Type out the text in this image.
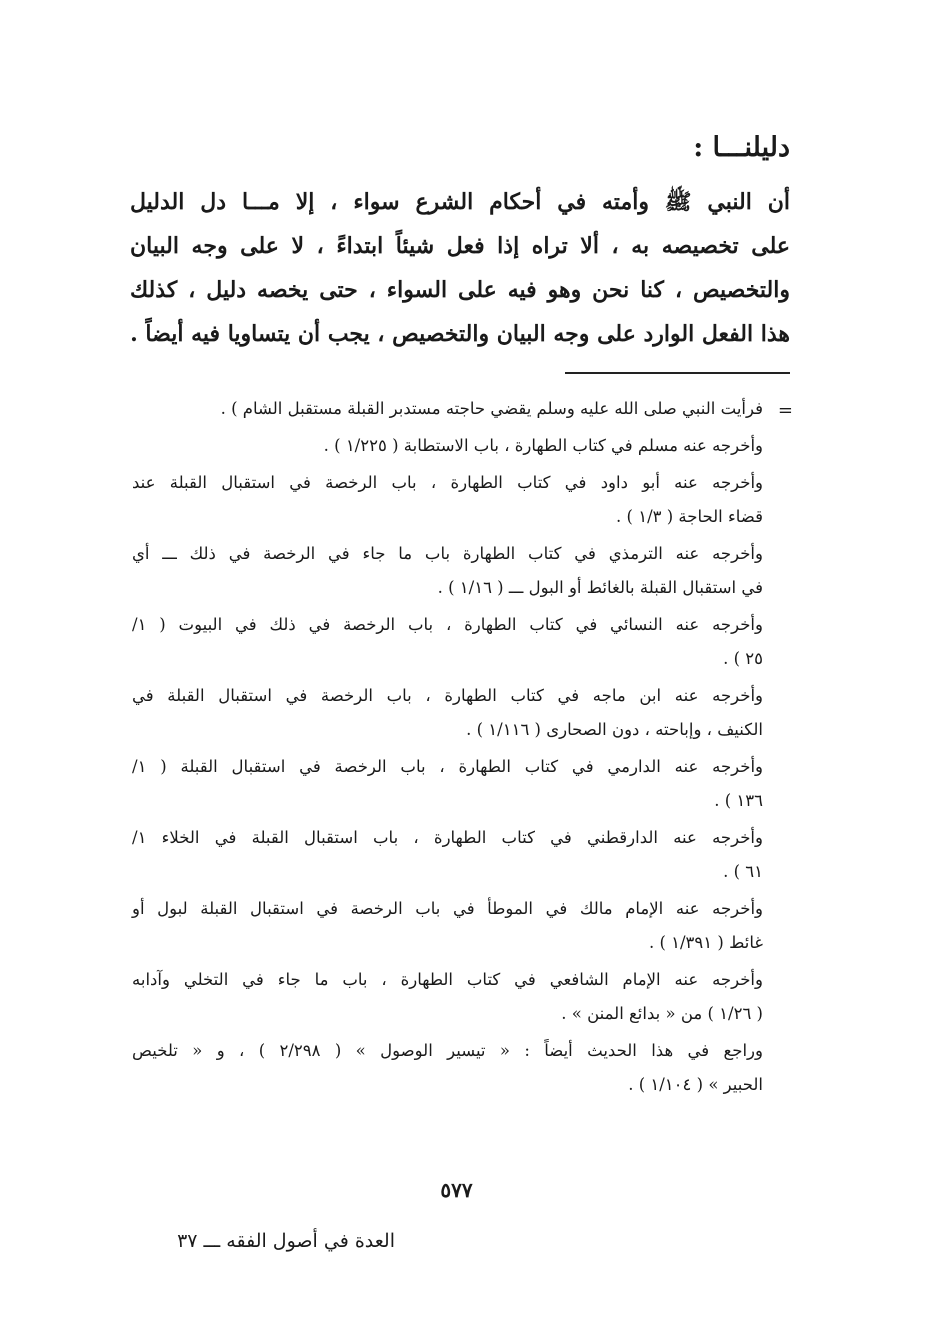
دليلنـــا :
أن النبي ﷺ وأمته في أحكام الشرع سواء ، إلا مـــا دل الدليل
على تخصيصه به ، ألا تراه إذا فعل شيئاً ابتداءً ، لا على وجه البيان
والتخصيص ، كنا نحن وهو فيه على السواء ، حتى يخصه دليل ، كذلك
هذا الفعل الوارد على وجه البيان والتخصيص ، يجب أن يتساويا فيه أيضاً .
=
فرأيت النبي صلى الله عليه وسلم يقضي حاجته مستدبر القبلة مستقبل الشام ) .
وأخرجه عنه مسلم في كتاب الطهارة ، باب الاستطابة ( ١/٢٢٥ ) .
وأخرجه عنه أبو داود في كتاب الطهارة ، باب الرخصة في استقبال القبلة عند
قضاء الحاجة ( ١/٣ ) .
وأخرجه عنه الترمذي في كتاب الطهارة باب ما جاء في الرخصة في ذلك ـــ أي
في استقبال القبلة بالغائط أو البول ـــ ( ١/١٦ ) .
وأخرجه عنه النسائي في كتاب الطهارة ، باب الرخصة في ذلك في البيوت ( ١/
٢٥ ) .
وأخرجه عنه ابن ماجه في كتاب الطهارة ، باب الرخصة في استقبال القبلة في
الكنيف ، وإباحته ، دون الصحارى ( ١/١١٦ ) .
وأخرجه عنه الدارمي في كتاب الطهارة ، باب الرخصة في استقبال القبلة ( ١/
١٣٦ ) .
وأخرجه عنه الدارقطني في كتاب الطهارة ، باب استقبال القبلة في الخلاء ١/
٦١ ) .
وأخرجه عنه الإمام مالك في الموطأ في باب الرخصة في استقبال القبلة لبول أو
غائط ( ١/٣٩١ ) .
وأخرجه عنه الإمام الشافعي في كتاب الطهارة ، باب ما جاء في التخلي وآدابه
( ١/٢٦ ) من « بدائع المنن » .
وراجع في هذا الحديث أيضاً : « تيسير الوصول » ( ٢/٢٩٨ ) ، و « تلخيص
الحبير » ( ١/١٠٤ ) .
٥٧٧
العدة في أصول الفقه ـــ ٣٧
